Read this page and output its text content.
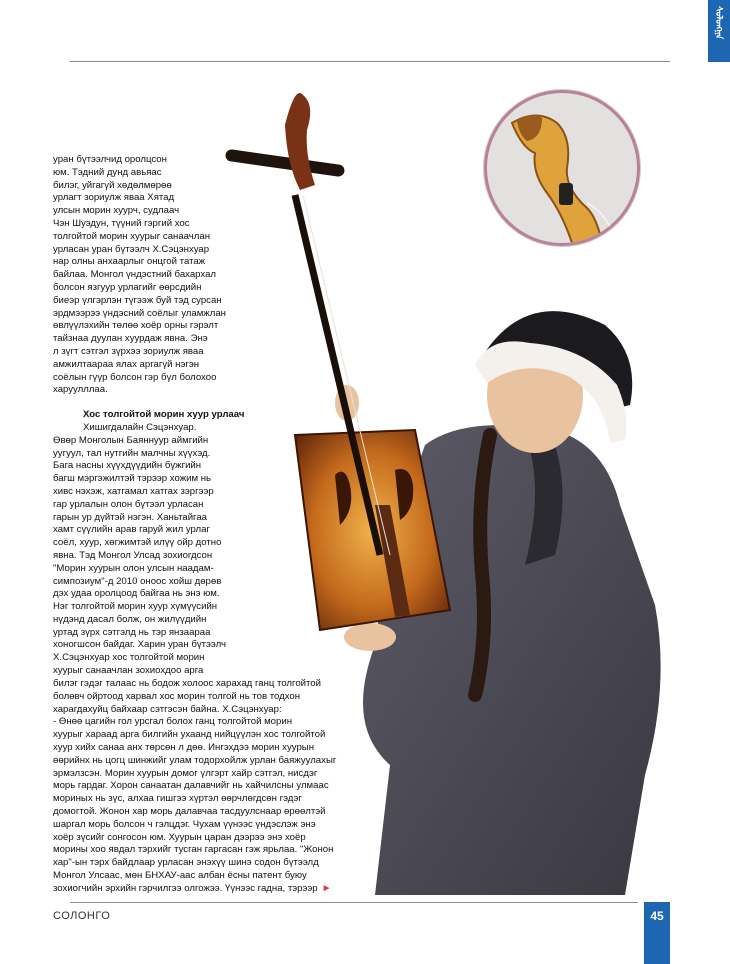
ᠰᠣᠯᠣᠩᠭᠠ

уран бүтээлчид оролцсон

юм. Тэдний дунд авьяас

билэг, уйгагүй хөдөлмөрөө

урлагт зориулж яваа Хятад

улсын морин хуурч, судлаач

Чэн Шуэдун, түүний гэргий хос

толгойтой морин хуурыг санаачлан

урласан уран бүтээлч Х.Сэцэнхуар

нар олны анхаарлыг онцгой татаж

байлаа. Монгол үндэстний бахархал

болсон язгуур урлагийг өөрсдийн

биеэр үлгэрлэн түгээж буй тэд сурсан

эрдмээрээ үндэсний соёлыг уламжлан

өвлүүлэхийн төлөө хоёр орны гэрэлт

тайзнаа дуулан хуурдаж явна. Энэ

л зүгт сэтгэл зүрхээ зориулж яваа

амжилтаараа ялах аргагүй нэгэн

соёлын гүүр болсон гэр бүл болохоо

харуулллаа.

Хос толгойтой морин хуур урлаач

Хишигдалайн Сэцэнхуар.

Өвөр Монголын Баяннуур аймгийн

уугуул, тал нутгийн малчны хүүхэд.

Бага насны хүүхдүүдийн бүжгийн

багш мэргэжилтэй тэрээр хожим нь

хивс нэхэж, хатгамал хатгах зэргээр

гар урлалын олон бүтээл урласан

гарын ур дүйтэй нэгэн. Ханьтайгаа

хамт сүүлийн арав гаруй жил урлаг

соёл, хуур, хөгжимтэй илүү ойр дотно

явна. Тэд Монгол Улсад зохиогдсон

"Морин хуурын олон улсын наадам-

симпозиум"-д 2010 оноос хойш дөрөв

дэх удаа оролцоод байгаа нь энэ юм.

Нэг толгойтой морин хуур хүмүүсийн

нүдэнд дасал болж, он жилүүдийн

уртад зүрх сэтгэлд нь тэр янзаараа

хоногшсон байдаг. Харин уран бүтээлч

Х.Сэцэнхуар хос толгойтой морин

хуурыг санаачлан зохиохдоо арга

билэг гэдэг талаас нь бодож холоос харахад ганц толгойтой

болөвч ойртоод харвал хос морин толгой нь тов тодхон

харагдахуйц байхаар сэтгэсэн байна. Х.Сэцэнхуар:

- Өнөө цагийн гол урсгал болох ганц толгойтой морин

хуурыг хараад арга билгийн ухаанд нийцүүлэн хос толгойтой

хуур хийх санаа анх төрсөн л дөө. Ингэхдээ морин хуурын

өөрийнх нь цогц шинжийг улам тодорхойлж урлан баяжуулахыг

эрмэлзсэн. Морин хуурын домог үлгэрт хайр сэтгэл, нисдэг

морь гардаг. Хорон санаатан далавчийг нь хайчилсны улмаас

мориных нь зүс, алхаа гишгээ хүртэл өөрчлөгдсөн гэдэг

домогтой. Жонон хар морь далавчаа тасдуулснаар өрөөлтэй

шаргал морь болсон ч гэлцдэг. Чухам үүнээс үндэслэж энэ

хоёр зүсийг сонгосон юм. Хуурын царан дээрээ энэ хоёр

морины хоо явдал тэрхийг тусган гаргасан гэж ярьлаа. "Жонон

хар"-ын тэрх байдлаар урласан энэхүү шинэ содон бүтээлд

Монгол Улсаас, мөн БНХАУ-аас албан ёсны патент буюу

зохиогчийн эрхийн гэрчилгээ олгожээ. Үүнээс гадна, тэрээр ►

СОЛОНГО	45
